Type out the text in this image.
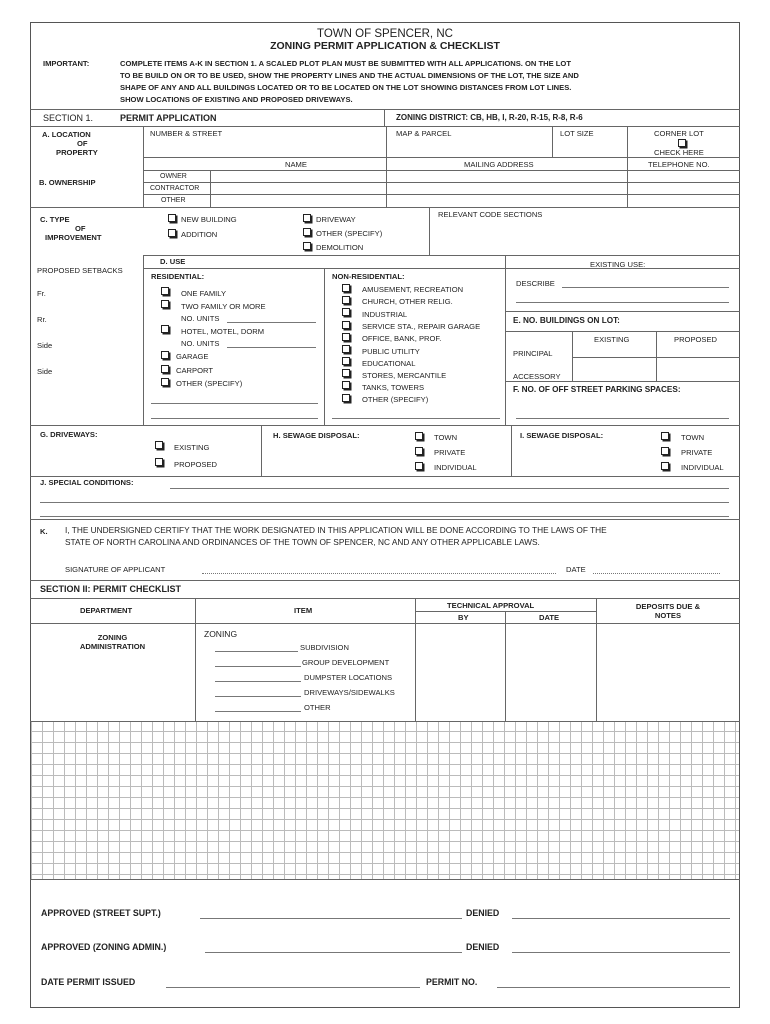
TOWN OF SPENCER, NC
ZONING PERMIT APPLICATION & CHECKLIST
IMPORTANT:	COMPLETE ITEMS A-K IN SECTION 1. A SCALED PLOT PLAN MUST BE SUBMITTED WITH ALL APPLICATIONS. ON THE LOT
TO BE BUILD ON OR TO BE USED, SHOW THE PROPERTY LINES AND THE ACTUAL DIMENSIONS OF THE LOT, THE SIZE AND
SHAPE OF ANY AND ALL BUILDINGS LOCATED OR TO BE LOCATED ON THE LOT SHOWING DISTANCES FROM LOT LINES.
SHOW LOCATIONS OF EXISTING AND PROPOSED DRIVEWAYS.
SECTION 1.	PERMIT APPLICATION	ZONING DISTRICT: CB, HB, I, R-20, R-15, R-8, R-6
A. LOCATION
OF
PROPERTY
NUMBER & STREET	MAP & PARCEL	LOT SIZE	CORNER LOT
CHECK HERE
NAME	MAILING ADDRESS	TELEPHONE NO.
B. OWNERSHIP
OWNER
CONTRACTOR
OTHER
C. TYPE
OF
IMPROVEMENT
NEW BUILDING
ADDITION
DRIVEWAY
OTHER (SPECIFY)
DEMOLITION
RELEVANT CODE SECTIONS
D. USE
PROPOSED SETBACKS
Fr.
Rr.
Side
Side
RESIDENTIAL:
ONE FAMILY
TWO FAMILY OR MORE
NO. UNITS
HOTEL, MOTEL, DORM
NO. UNITS
GARAGE
CARPORT
OTHER (SPECIFY)
NON-RESIDENTIAL:
AMUSEMENT, RECREATION
CHURCH, OTHER RELIG.
INDUSTRIAL
SERVICE STA., REPAIR GARAGE
OFFICE, BANK, PROF.
PUBLIC UTILITY
EDUCATIONAL
STORES, MERCANTILE
TANKS, TOWERS
OTHER (SPECIFY)
EXISTING USE:
DESCRIBE
E. NO. BUILDINGS ON LOT:
EXISTING	PROPOSED
PRINCIPAL
ACCESSORY
F. NO. OF OFF STREET PARKING SPACES:
G. DRIVEWAYS:
EXISTING
PROPOSED
H. SEWAGE DISPOSAL:	TOWN
PRIVATE
INDIVIDUAL
I. SEWAGE DISPOSAL:	TOWN
PRIVATE
INDIVIDUAL
J. SPECIAL CONDITIONS:
K. I, THE UNDERSIGNED CERTIFY THAT THE WORK DESIGNATED IN THIS APPLICATION WILL BE DONE ACCORDING TO THE LAWS OF THE
STATE OF NORTH CAROLINA AND ORDINANCES OF THE TOWN OF SPENCER, NC AND ANY OTHER APPLICABLE LAWS.
SIGNATURE OF APPLICANT	DATE
SECTION II: PERMIT CHECKLIST
DEPARTMENT	ITEM
TECHNICAL APPROVAL
BY	DATE
DEPOSITS DUE &
NOTES
ZONING
ADMINISTRATION
ZONING
SUBDIVISION
GROUP DEVELOPMENT
DUMPSTER LOCATIONS
DRIVEWAYS/SIDEWALKS
OTHER
APPROVED (STREET SUPT.)	DENIED
APPROVED (ZONING ADMIN.)	DENIED
DATE PERMIT ISSUED	PERMIT NO.
